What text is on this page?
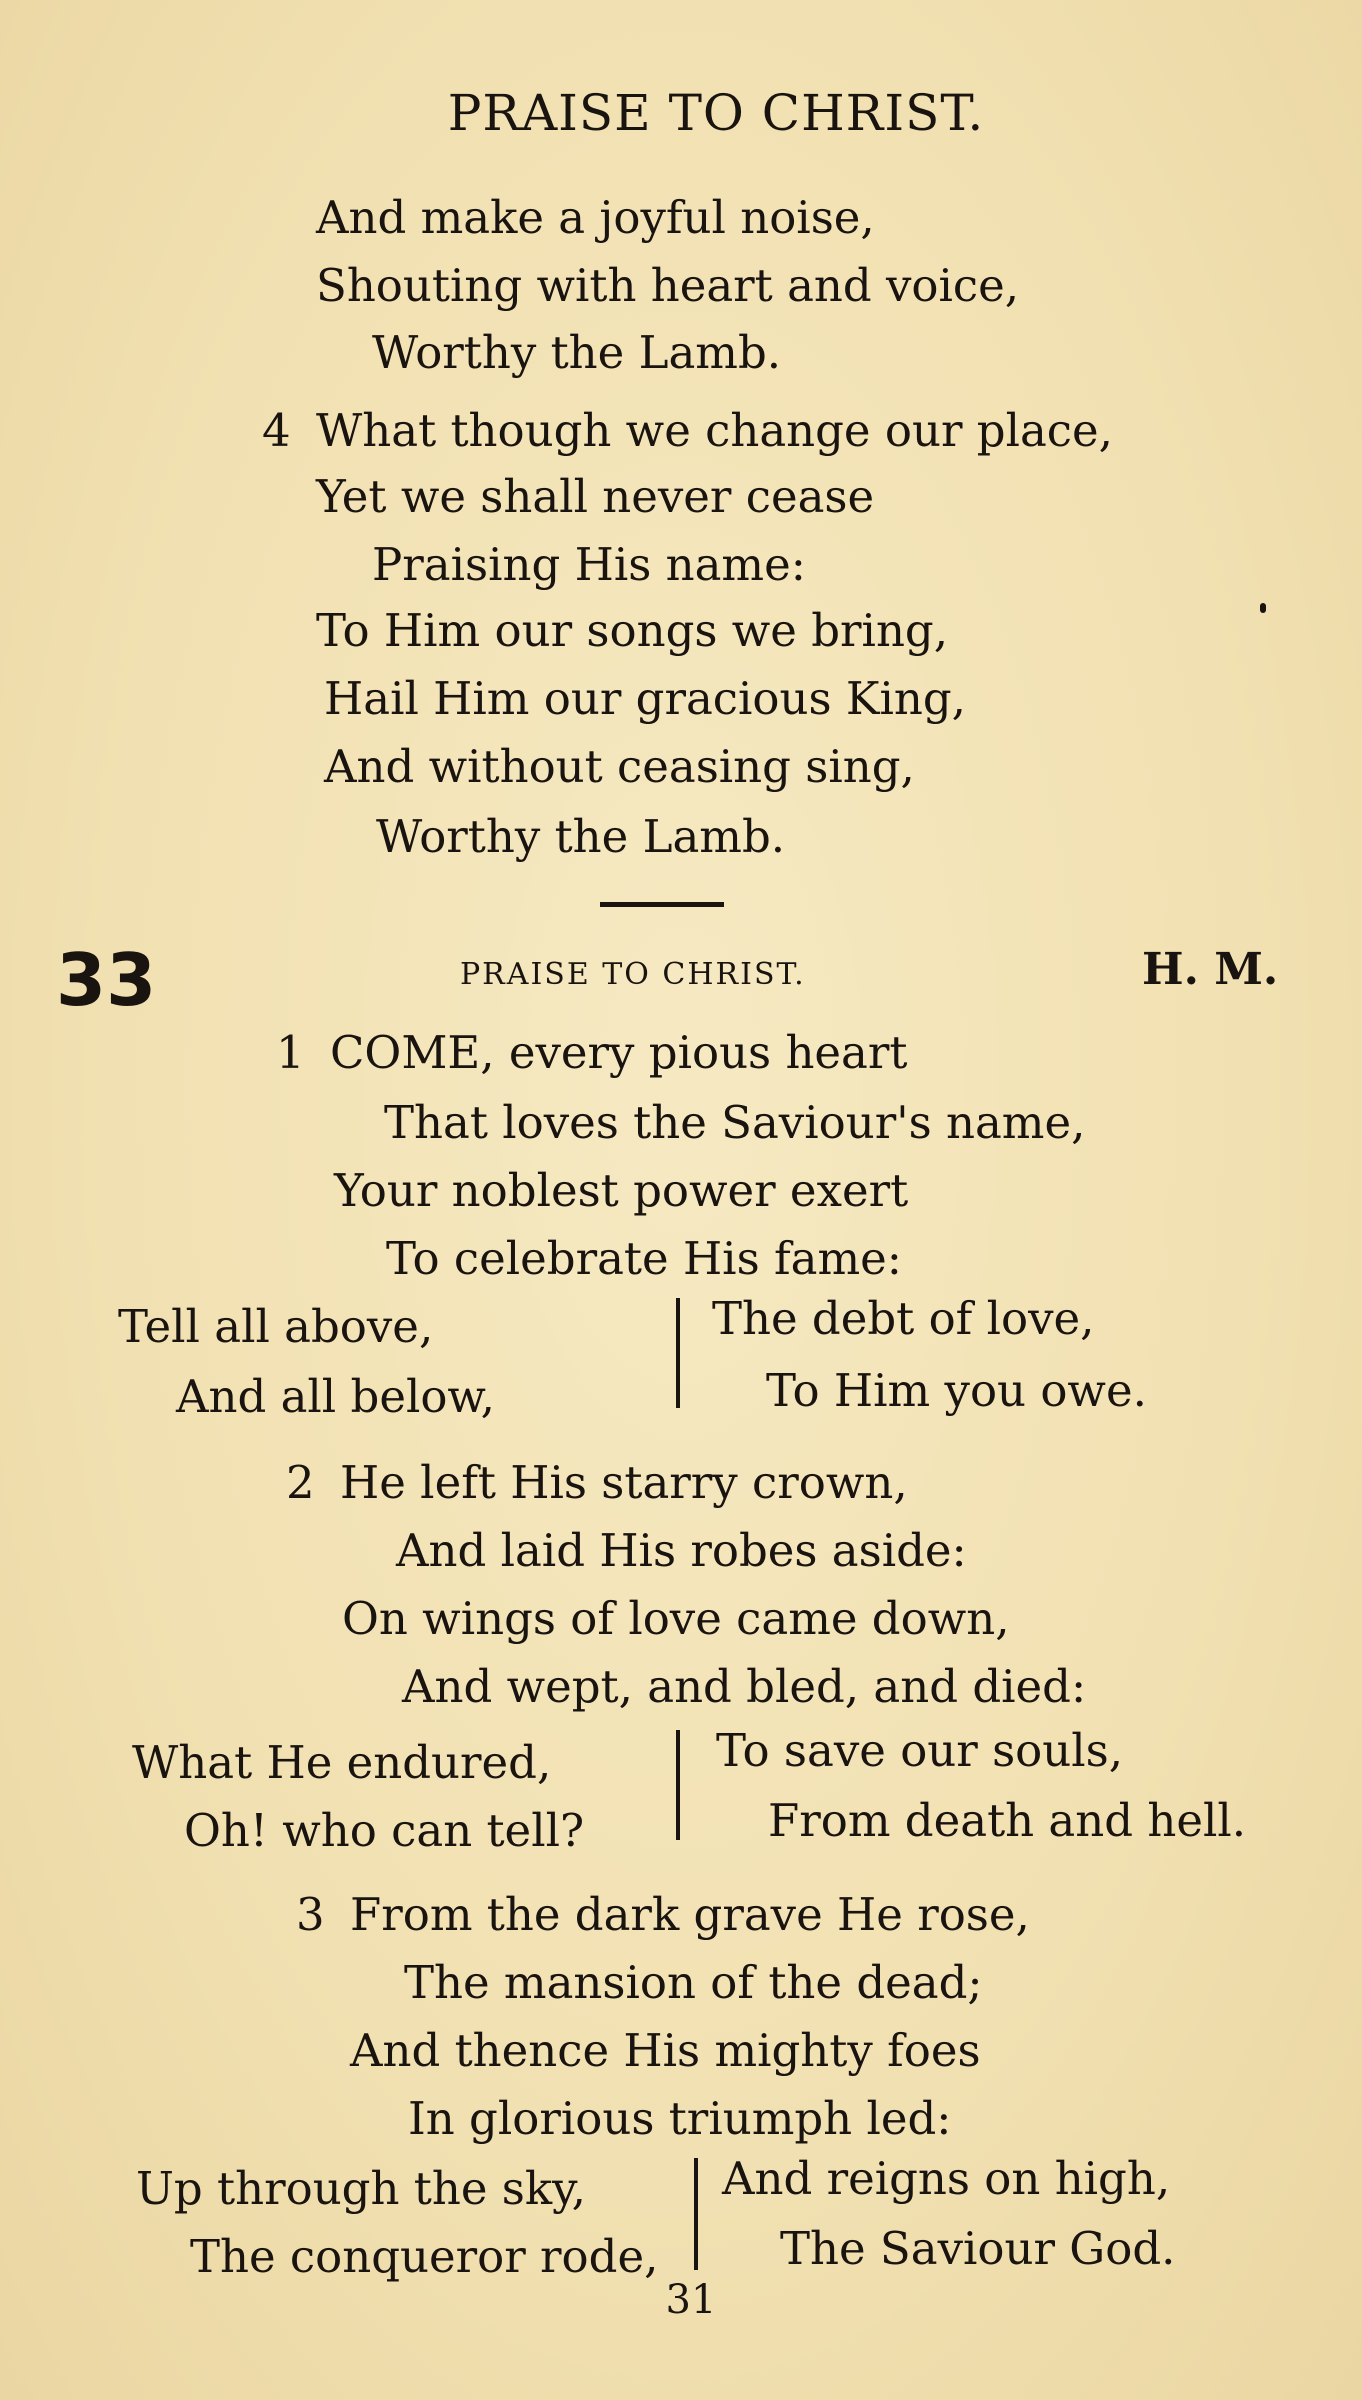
PRAISE TO CHRIST.
And make a joyful noise,
Shouting with heart and voice,
Worthy the Lamb.
4 What though we change our place,
Yet we shall never cease
Praising His name:
To Him our songs we bring,
Hail Him our gracious King,
And without ceasing sing,
Worthy the Lamb.
33	PRAISE TO CHRIST.	H. M.
1 COME, every pious heart
That loves the Saviour's name,
Your noblest power exert
To celebrate His fame:
Tell all above,
And all below,
The debt of love,
To Him you owe.
2 He left His starry crown,
And laid His robes aside:
On wings of love came down,
And wept, and bled, and died:
What He endured,
Oh! who can tell?
To save our souls,
From death and hell.
3 From the dark grave He rose,
The mansion of the dead;
And thence His mighty foes
In glorious triumph led:
Up through the sky,
The conqueror rode,
And reigns on high,
The Saviour God.
31
